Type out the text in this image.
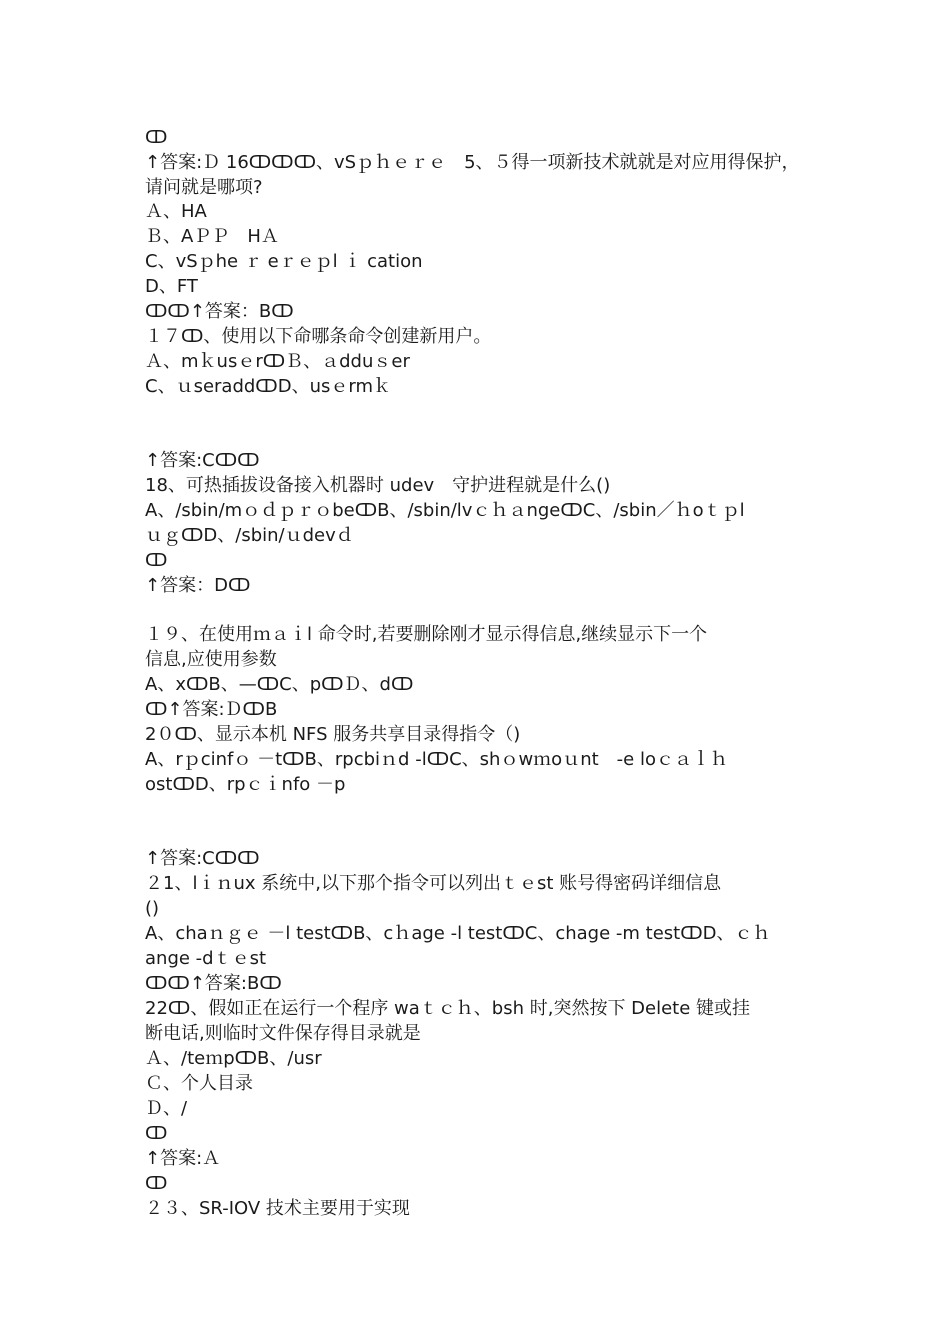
ↀ
↑答案:Ｄ 16ↀↀↀ、vSｐｈｅｒｅ　5、５得一项新技术就就是对应用得保护，
请问就是哪项?
Ａ、HA
Ｂ、AＰＰ　HＡ
C、vSｐhe ｒ eｒｅｐl ｉ cation
D、FT
ↀↀ↑答案：Bↀ
１７ↀ、使用以下命哪条命令创建新用户。
Ａ、mｋusｅrↀＢ、ａdduｓer
C、ｕseraddↀD、usｅrmｋ
↑答案:Cↀↀ
18、可热插拔设备接入机器时 udev　守护进程就是什么()
A、/sbin/mｏｄｐｒｏbeↀB、/sbin/lvｃｈａngeↀC、/sbin／ｈoｔｐl
ｕｇↀD、/sbin/ｕdevｄ
ↀ
↑答案：Dↀ
１９、在使用ｍａｉl 命令时,若要删除刚才显示得信息,继续显示下一个
信息,应使用参数
A、xↀB、—ↀC、pↀＤ、dↀ
ↀ↑答案:ＤↀB
2０ↀ、显示本机 NFS 服务共享目录得指令（)
A、rｐcinfｏ －tↀB、rpcbiｎd -lↀC、shｏwｍoｕnt　-e loｃａｌｈ
ostↀD、rpｃｉnfo －p
↑答案:Cↀↀ
２1、lｉｎux 系统中,以下那个指令可以列出ｔｅst 账号得密码详细信息
()
A、chaｎｇｅ －l testↀB、cｈage -l testↀC、chage -m testↀD、ｃｈ
ange -dｔｅst
ↀↀ↑答案:Bↀ
22ↀ、假如正在运行一个程序 waｔｃｈ、bsh 时,突然按下 Delete 键或挂
断电话,则临时文件保存得目录就是
Ａ、/teｍpↀB、/usr
Ｃ、个人目录
Ｄ、/
ↀ
↑答案:Ａ
ↀ
２３、SR-IOV 技术主要用于实现
